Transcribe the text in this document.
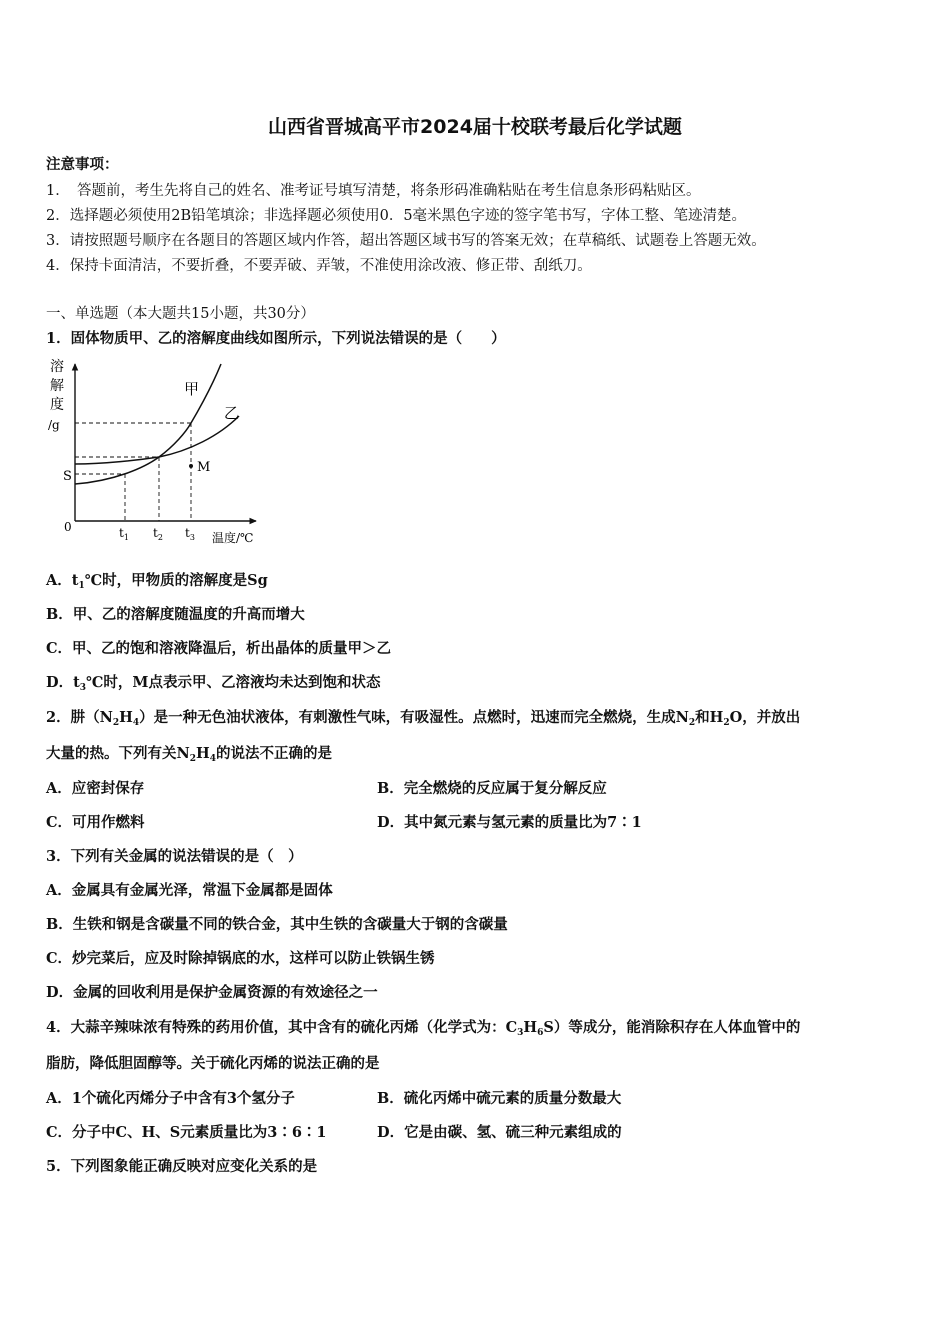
山西省晋城高平市2024届十校联考最后化学试题
注意事项：
1．　答题前，考生先将自己的姓名、准考证号填写清楚，将条形码准确粘贴在考生信息条形码粘贴区。
2．选择题必须使用2B铅笔填涂；非选择题必须使用0．5毫米黑色字迹的签字笔书写，字体工整、笔迹清楚。
3．请按照题号顺序在各题目的答题区域内作答，超出答题区域书写的答案无效；在草稿纸、试题卷上答题无效。
4．保持卡面清洁，不要折叠，不要弄破、弄皱，不准使用涂改液、修正带、刮纸刀。
一、单选题（本大题共15小题，共30分）
1．固体物质甲、乙的溶解度曲线如图所示，下列说法错误的是（　　）
溶
解
度
/g
M
甲
乙
S
0	$t_1$ $t_2$ $t_3$ 温度/℃
A．$t_1℃$时，甲物质的溶解度是Sg
B．甲、乙的溶解度随温度的升高而增大
C．甲、乙的饱和溶液降温后，析出晶体的质量甲＞乙
D．$t_3℃$时，M点表示甲、乙溶液均未达到饱和状态
2．肼$(N_2H_4)$是一种无色油状液体，有刺激性气味，有吸湿性。点燃时，迅速而完全燃烧，生成$N_2$和$H_2O$，并放出
大量的热。下列有关$N_2H_4$的说法不正确的是
A．应密封保存	B．完全燃烧的反应属于复分解反应
C．可用作燃料	D．其中氮元素与氢元素的质量比为7∶1
3．下列有关金属的说法错误的是（　）
A．金属具有金属光泽，常温下金属都是固体
B．生铁和钢是含碳量不同的铁合金，其中生铁的含碳量大于钢的含碳量
C．炒完菜后，应及时除掉锅底的水，这样可以防止铁锅生锈
D．金属的回收利用是保护金属资源的有效途径之一
4．大蒜辛辣味浓有特殊的药用价值，其中含有的硫化丙烯（化学式为：$C_3H_6S$）等成分，能消除积存在人体血管中的
脂肪，降低胆固醇等。关于硫化丙烯的说法正确的是
A．1个硫化丙烯分子中含有3个氢分子	B．硫化丙烯中硫元素的质量分数最大
C．分子中C、H、S元素质量比为3∶6∶1	D．它是由碳、氢、硫三种元素组成的
5．下列图象能正确反映对应变化关系的是
